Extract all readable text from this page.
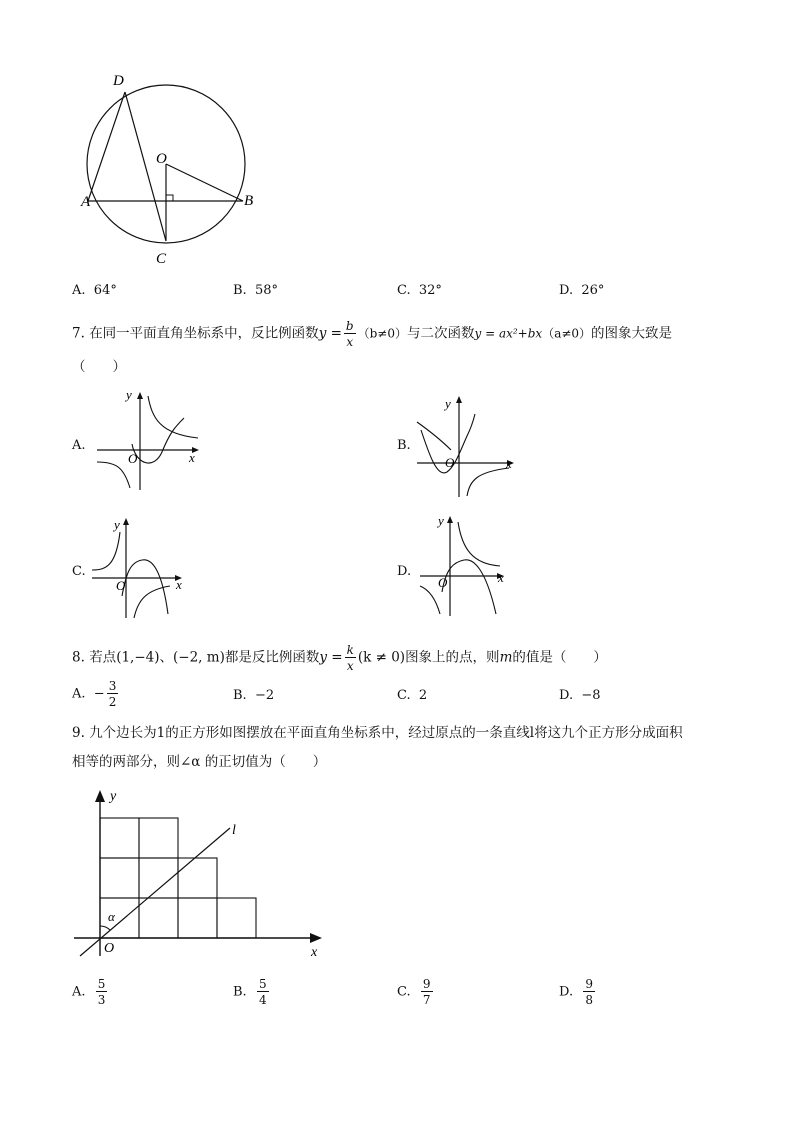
D
O
A	B
C
A. 64°	B. 58°	C. 32°	D. 26°
7. 在同一平面直角坐标系中，反比例函数$y = \frac{b}{x} (b\ne 0)$与二次函数y = ax²+bx（a≠0）的图象大致是
（　　）
A.
y
x
O
B.
y
x
O
C.
y
x
O
D.
y
x
O
8. 若点(1,−4)、(−2, m)都是反比例函数$y = \frac{k}{x} (k \ne 0)$图象上的点，则m的值是（　　）
A. − $\frac{3}{2}$	B. −2	C. 2	D. −8
9. 九个边长为1的正方形如图摆放在平面直角坐标系中，经过原点的一条直线l将这九个正方形分成面积
相等的两部分，则∠α 的正切值为（　　）
y
x
O
l
α
A. $\frac{5}{3}$	B. $\frac{5}{4}$	C. $\frac{9}{7}$	D. $\frac{9}{8}$
